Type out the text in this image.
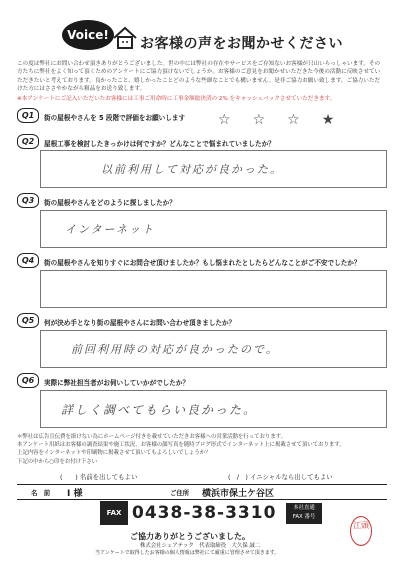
Voice!
お客様の声をお聞かせください
この度は弊社にお問い合わせ頂きありがとうございました。世の中には弊社の存在やサービスをご存知ないお客様が只山いらっしゃいます。その方たちに弊社をよく知って頂くためのアンケートにご協力頂けないでしょうか。お客様のご意見をお聞かせいただきた今後の活動に反映させていただきたいと考えております。良かったこと、嬉しかったことどのような些細なことでも構いません。是非ご協力お願い致します。ご協力いただけた方にはささやかながら粗品をお送り致します。
※本アンケートにご記入いただいたお客様には工事ご用命時に工事金額総決済の 2% をキャッシュバックさせていただきます。
Q1	街の屋根やさんを 5 段階で評価をお願いします ☆ ☆ ☆ ★
Q2	屋根工事を検討したきっかけは何ですか？どんなことで悩まれていましたか？
以前利用して対応が良かった。
Q3	街の屋根やさんをどのように探しましたか？
インターネット
Q4	街の屋根やさんを知りすぐにお問合せ頂けましたか？もし悩まれたとしたらどんなことがご不安でしたか？
Q5	何が決め手となり街の屋根やさんにお問い合わせ頂きましたか？
前回利用時の対応が良かったので。
Q6	実際に弊社担当者がお伺いしていかがでしたか？
詳しく調べてもらい良かった。
＊弊社は広告宣伝費を掛けない為にホームページ付きを載せていただきお客様への営業活動を行っております。
本アンケート用紙はお客様の調査結果や施工状況、お客様の顔写真を随時ブログ形式でインターネット上に掲載させて頂いております。
上記内容をインターネットや印刷物に掲載させて頂いてもよろしいでしょうか？
下記の中から○印をお付け下さい
(　　) 名前を出してもよい	(　/　) イニシャルなら出してもよい
名　前 I 様	ご住所 横浜市保土ケ谷区
FAX 0438-38-3310	本社直通
FAX 番号
江頭
ご協力ありがとうございました。
株式会社シェアテック　代表取締役　大久保 誠二
当アンケートで取得したお客様の個人情報は弊社にて厳重に管理させて頂きます。
